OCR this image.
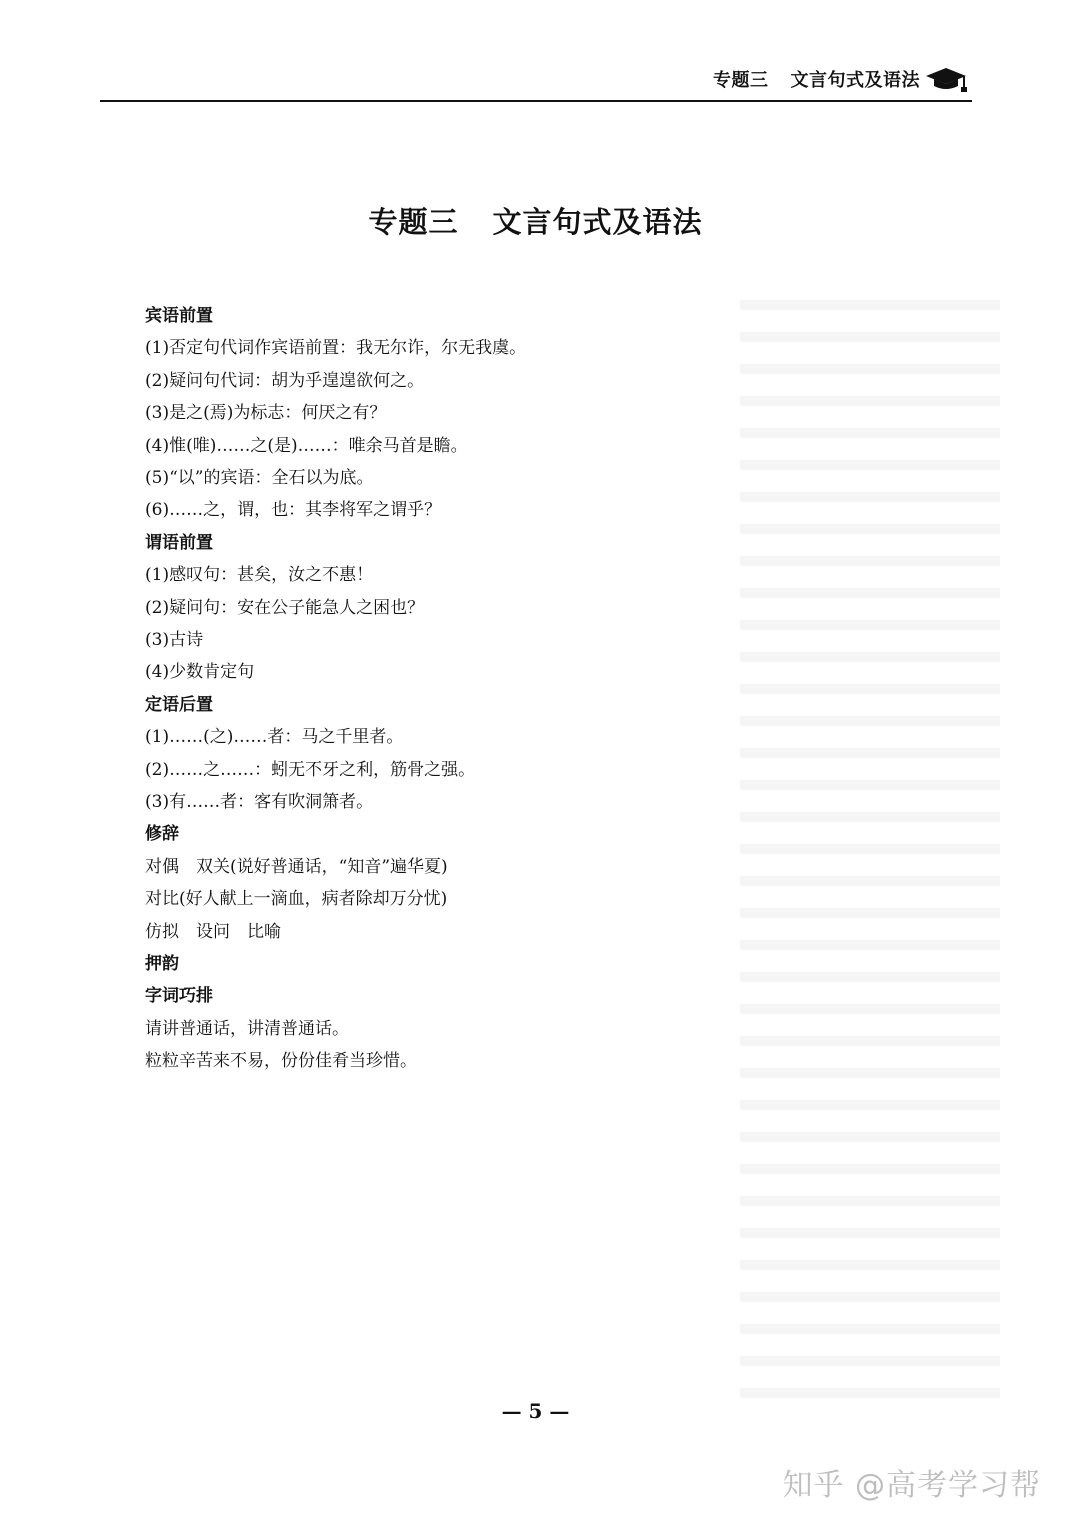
专题三 文言句式及语法
专题三 文言句式及语法
宾语前置
(1)否定句代词作宾语前置：我无尔诈，尔无我虞。
(2)疑问句代词：胡为乎遑遑欲何之。
(3)是之(焉)为标志：何厌之有？
(4)惟(唯)……之(是)……：唯余马首是瞻。
(5)“以”的宾语：全石以为底。
(6)……之，谓，也：其李将军之谓乎？
谓语前置
(1)感叹句：甚矣，汝之不惠！
(2)疑问句：安在公子能急人之困也？
(3)古诗
(4)少数肯定句
定语后置
(1)……(之)……者：马之千里者。
(2)……之……：蚓无不牙之利，筋骨之强。
(3)有……者：客有吹洞箫者。
修辞
对偶　双关(说好普通话，“知音”遍华夏)
对比(好人献上一滴血，病者除却万分忧)
仿拟　设问　比喻
押韵
字词巧排
请讲普通话，讲清普通话。
粒粒辛苦来不易，份份佳肴当珍惜。
— 5 —
知乎 @高考学习帮
